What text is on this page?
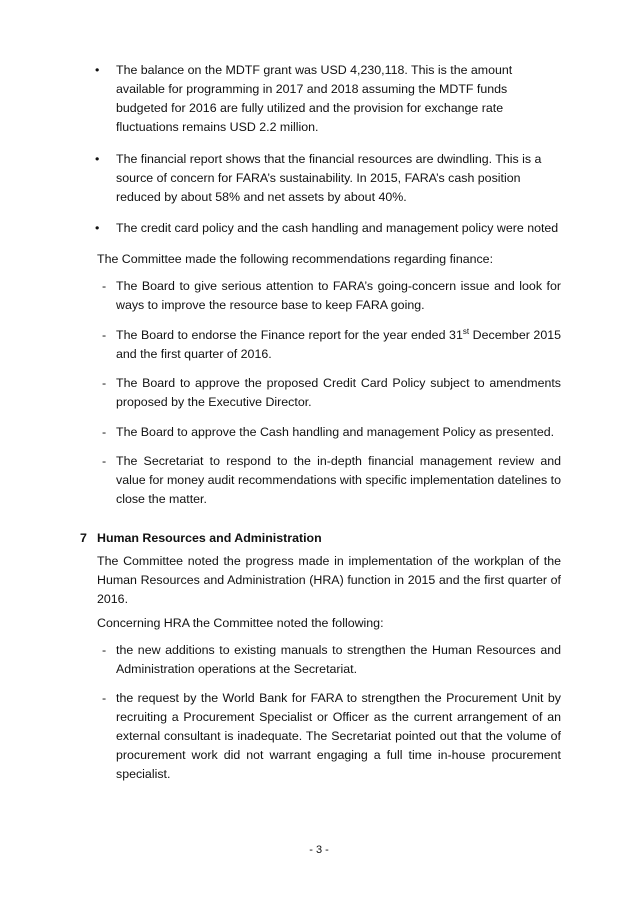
• The balance on the MDTF grant was USD 4,230,118. This is the amount available for programming in 2017 and 2018 assuming the MDTF funds budgeted for 2016 are fully utilized and the provision for exchange rate fluctuations remains USD 2.2 million.
• The financial report shows that the financial resources are dwindling. This is a source of concern for FARA’s sustainability. In 2015, FARA’s cash position reduced by about 58% and net assets by about 40%.
• The credit card policy and the cash handling and management policy were noted
The Committee made the following recommendations regarding finance:
- The Board to give serious attention to FARA’s going-concern issue and look for ways to improve the resource base to keep FARA going.
- The Board to endorse the Finance report for the year ended 31st December 2015 and the first quarter of 2016.
- The Board to approve the proposed Credit Card Policy subject to amendments proposed by the Executive Director.
- The Board to approve the Cash handling and management Policy as presented.
- The Secretariat to respond to the in-depth financial management review and value for money audit recommendations with specific implementation datelines to close the matter.
7 Human Resources and Administration
The Committee noted the progress made in implementation of the workplan of the Human Resources and Administration (HRA) function in 2015 and the first quarter of 2016.
Concerning HRA the Committee noted the following:
- the new additions to existing manuals to strengthen the Human Resources and Administration operations at the Secretariat.
- the request by the World Bank for FARA to strengthen the Procurement Unit by recruiting a Procurement Specialist or Officer as the current arrangement of an external consultant is inadequate. The Secretariat pointed out that the volume of procurement work did not warrant engaging a full time in-house procurement specialist.
- 3 -
